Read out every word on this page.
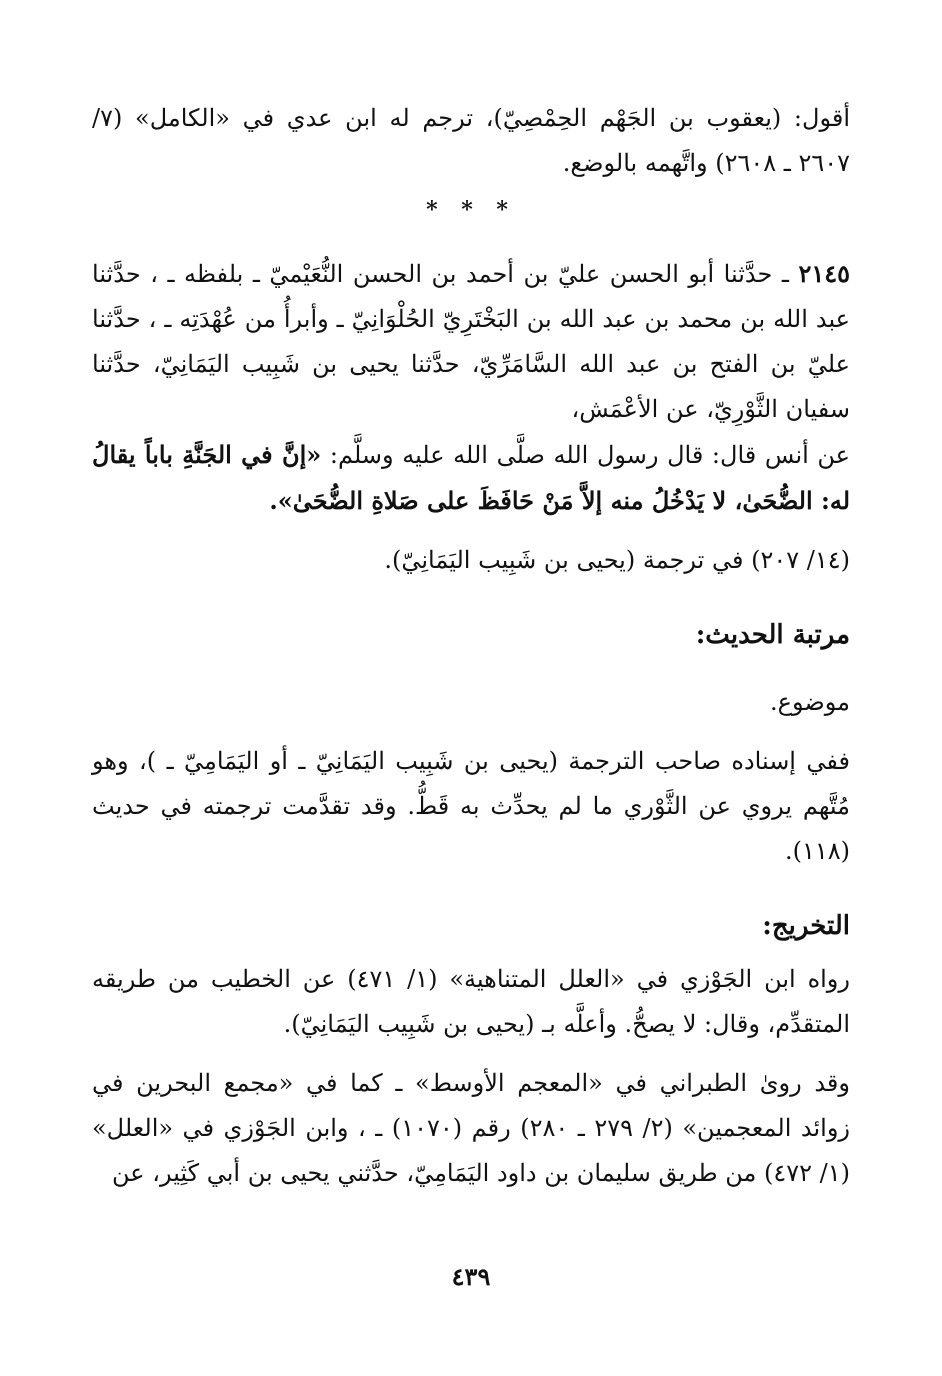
أقول: (يعقوب بن الجَهْم الحِمْصِيّ)، ترجم له ابن عدي في «الكامل» (٧/ ٢٦٠٧ ـ ٢٦٠٨) واتَّهمه بالوضع.

* * *

٢١٤٥ ـ حدَّثنا أبو الحسن عليّ بن أحمد بن الحسن النُّعَيْميّ ـ بلفظه ـ ، حدَّثنا عبد الله بن محمد بن عبد الله بن البَخْتَرِيّ الحُلْوَانِيّ ـ وأبرأُ من عُهْدَتِه ـ ، حدَّثنا عليّ بن الفتح بن عبد الله السَّامَرِّيّ، حدَّثنا يحيى بن شَبِيب اليَمَانِيّ، حدَّثنا سفيان الثَّوْرِيّ، عن الأعْمَش،

عن أنس قال: قال رسول الله صلَّى الله عليه وسلَّم: «إنَّ في الجَنَّةِ باباً يقالُ له: الضُّحَىٰ، لا يَدْخُلُ منه إلاَّ مَنْ حَافَظَ على صَلاةِ الضُّحَىٰ».

(١٤/ ٢٠٧) في ترجمة (يحيى بن شَبِيب اليَمَانِيّ).

مرتبة الحديث:

موضوع.

ففي إسناده صاحب الترجمة (يحيى بن شَبِيب اليَمَانِيّ ـ أو اليَمَامِيّ ـ )، وهو مُتَّهم يروي عن الثَّوْري ما لم يحدِّث به قَطُّ. وقد تقدَّمت ترجمته في حديث (١١٨).

التخريج:

رواه ابن الجَوْزي في «العلل المتناهية» (١/ ٤٧١) عن الخطيب من طريقه المتقدِّم، وقال: لا يصحُّ. وأعلَّه بـ (يحيى بن شَبِيب اليَمَانِيّ).

وقد روىٰ الطبراني في «المعجم الأوسط» ـ كما في «مجمع البحرين في زوائد المعجمين» (٢/ ٢٧٩ ـ ٢٨٠) رقم (١٠٧٠) ـ ، وابن الجَوْزي في «العلل» (١/ ٤٧٢) من طريق سليمان بن داود اليَمَامِيّ، حدَّثني يحيى بن أبي كَثِير، عن

٤٣٩
